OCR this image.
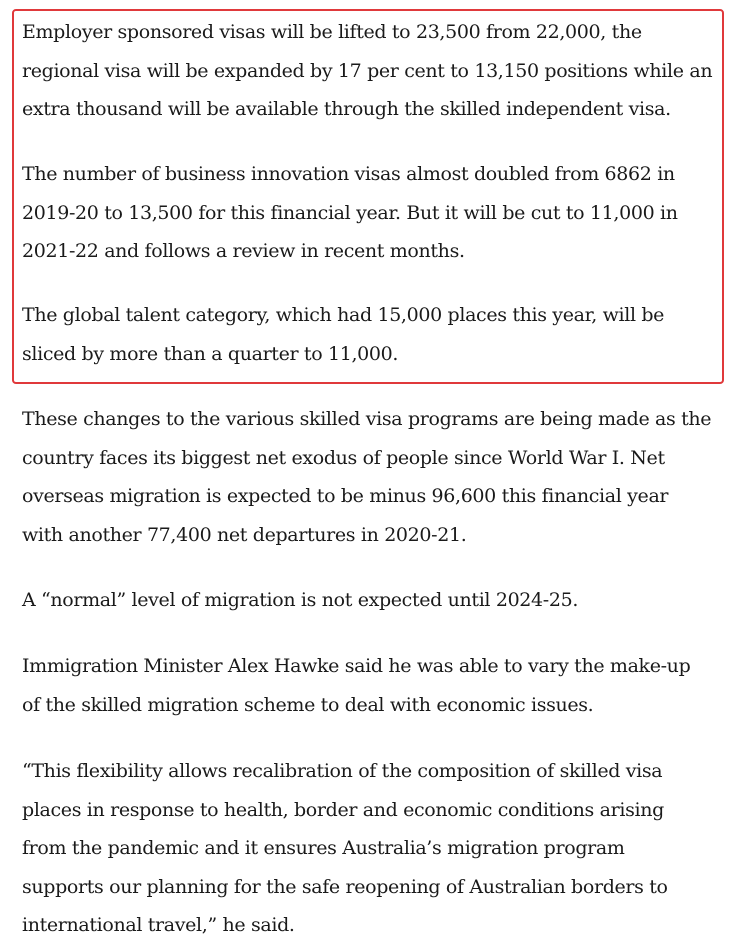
Employer sponsored visas will be lifted to 23,500 from 22,000, the
regional visa will be expanded by 17 per cent to 13,150 positions while an
extra thousand will be available through the skilled independent visa.

The number of business innovation visas almost doubled from 6862 in
2019-20 to 13,500 for this financial year. But it will be cut to 11,000 in
2021-22 and follows a review in recent months.

The global talent category, which had 15,000 places this year, will be
sliced by more than a quarter to 11,000.

These changes to the various skilled visa programs are being made as the
country faces its biggest net exodus of people since World War I. Net
overseas migration is expected to be minus 96,600 this financial year
with another 77,400 net departures in 2020-21.

A “normal” level of migration is not expected until 2024-25.

Immigration Minister Alex Hawke said he was able to vary the make-up
of the skilled migration scheme to deal with economic issues.

“This flexibility allows recalibration of the composition of skilled visa
places in response to health, border and economic conditions arising
from the pandemic and it ensures Australia’s migration program
supports our planning for the safe reopening of Australian borders to
international travel,” he said.
